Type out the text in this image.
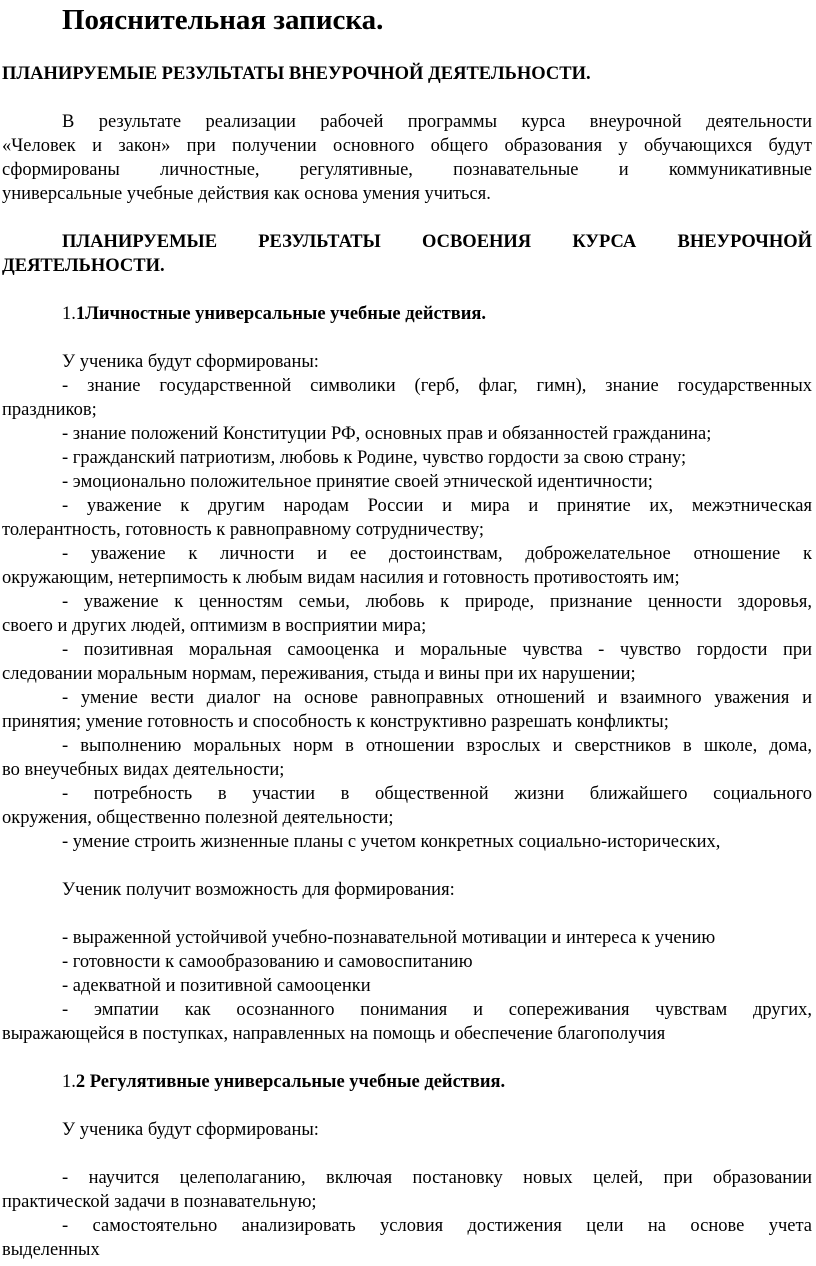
Пояснительная записка.
ПЛАНИРУЕМЫЕ РЕЗУЛЬТАТЫ ВНЕУРОЧНОЙ ДЕЯТЕЛЬНОСТИ.
В результате реализации рабочей программы курса внеурочной деятельности
«Человек и закон» при получении основного общего образования у обучающихся будут
сформированы личностные, регулятивные, познавательные и коммуникативные
универсальные учебные действия как основа умения учиться.
ПЛАНИРУЕМЫЕ РЕЗУЛЬТАТЫ ОСВОЕНИЯ КУРСА ВНЕУРОЧНОЙ
ДЕЯТЕЛЬНОСТИ.
1.1Личностные универсальные учебные действия.
У ученика будут сформированы:
- знание государственной символики (герб, флаг, гимн), знание государственных
праздников;
- знание положений Конституции РФ, основных прав и обязанностей гражданина;
- гражданский патриотизм, любовь к Родине, чувство гордости за свою страну;
- эмоционально положительное принятие своей этнической идентичности;
- уважение к другим народам России и мира и принятие их, межэтническая
толерантность, готовность к равноправному сотрудничеству;
- уважение к личности и ее достоинствам, доброжелательное отношение к
окружающим, нетерпимость к любым видам насилия и готовность противостоять им;
- уважение к ценностям семьи, любовь к природе, признание ценности здоровья,
своего и других людей, оптимизм в восприятии мира;
- позитивная моральная самооценка и моральные чувства - чувство гордости при
следовании моральным нормам, переживания, стыда и вины при их нарушении;
- умение вести диалог на основе равноправных отношений и взаимного уважения и
принятия; умение готовность и способность к конструктивно разрешать конфликты;
- выполнению моральных норм в отношении взрослых и сверстников в школе, дома,
во внеучебных видах деятельности;
- потребность в участии в общественной жизни ближайшего социального
окружения, общественно полезной деятельности;
- умение строить жизненные планы с учетом конкретных социально-исторических,
Ученик получит возможность для формирования:
- выраженной устойчивой учебно-познавательной мотивации и интереса к учению
- готовности к самообразованию и самовоспитанию
- адекватной и позитивной самооценки
- эмпатии как осознанного понимания и сопереживания чувствам других,
выражающейся в поступках, направленных на помощь и обеспечение благополучия
1.2 Регулятивные универсальные учебные действия.
У ученика будут сформированы:
- научится целеполаганию, включая постановку новых целей, при образовании
практической задачи в познавательную;
- самостоятельно анализировать условия достижения цели на основе учета
выделенных
